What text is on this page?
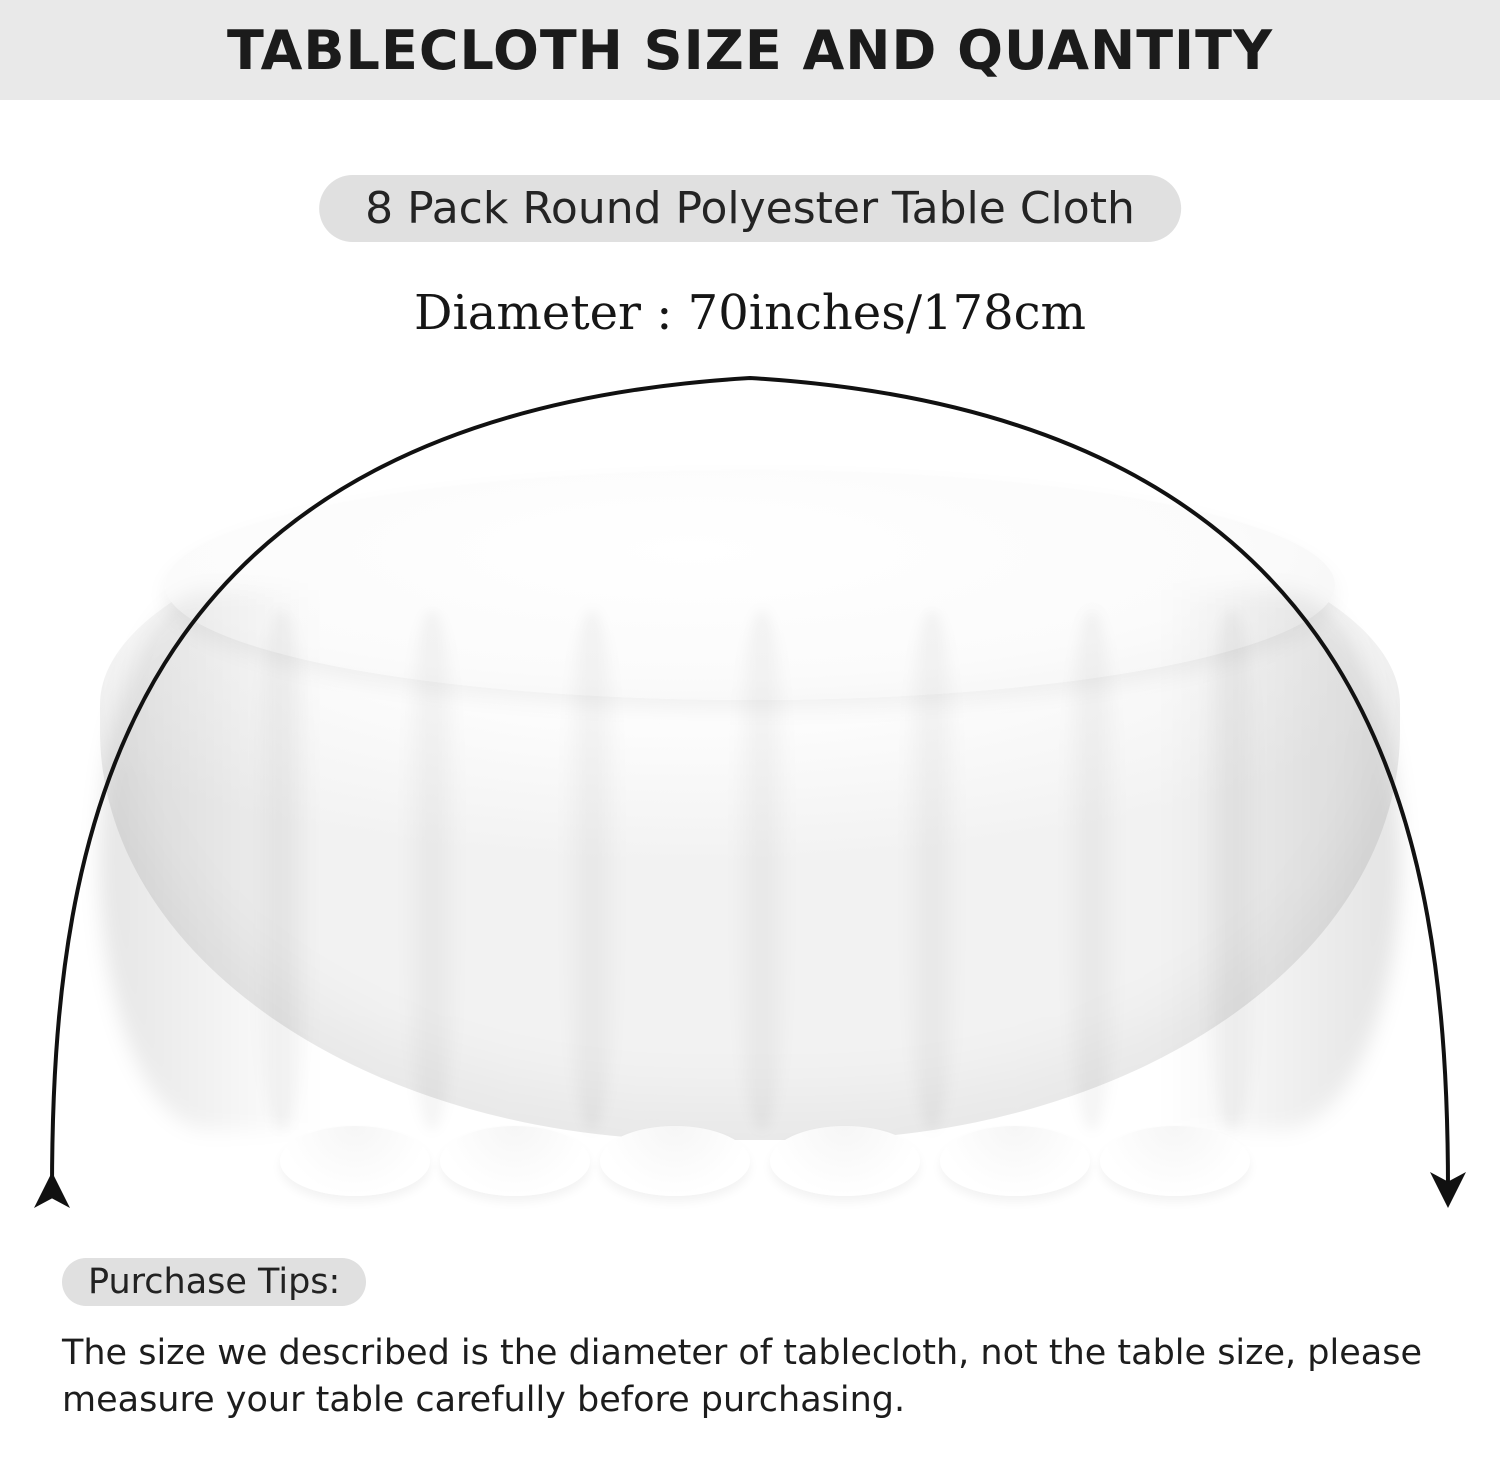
TABLECLOTH SIZE AND QUANTITY
8 Pack Round Polyester Table Cloth
Diameter : 70inches/178cm
Purchase Tips:
The size we described is the diameter of tablecloth, not the table size, please measure your table carefully before purchasing.
